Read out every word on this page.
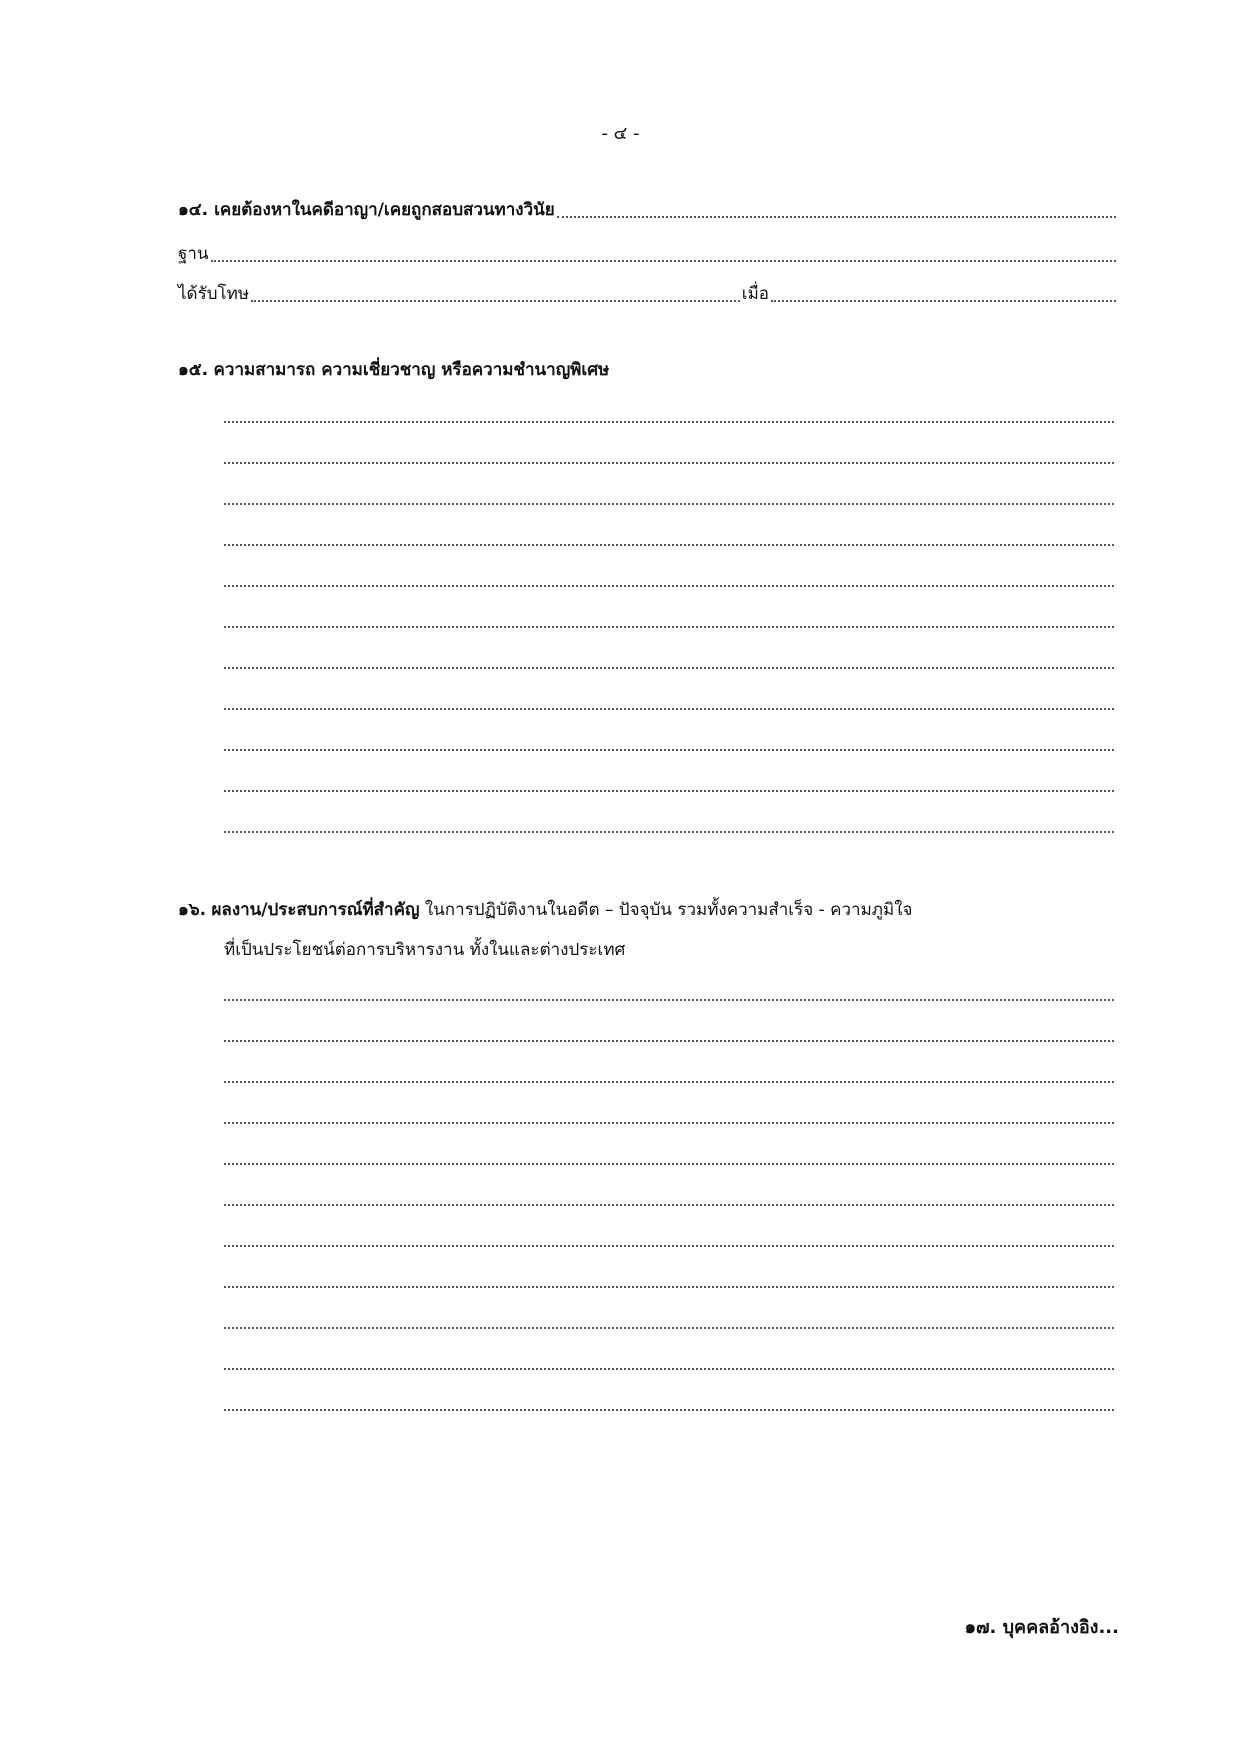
- ๔ -
๑๔. เคยต้องหาในคดีอาญา/เคยถูกสอบสวนทางวินัย
ฐาน
ได้รับโทษ	เมื่อ
๑๕. ความสามารถ ความเชี่ยวชาญ หรือความชำนาญพิเศษ
๑๖. ผลงาน/ประสบการณ์ที่สำคัญ ในการปฏิบัติงานในอดีต – ปัจจุบัน รวมทั้งความสำเร็จ - ความภูมิใจ
ที่เป็นประโยชน์ต่อการบริหารงาน ทั้งในและต่างประเทศ
๑๗. บุคคลอ้างอิง...
